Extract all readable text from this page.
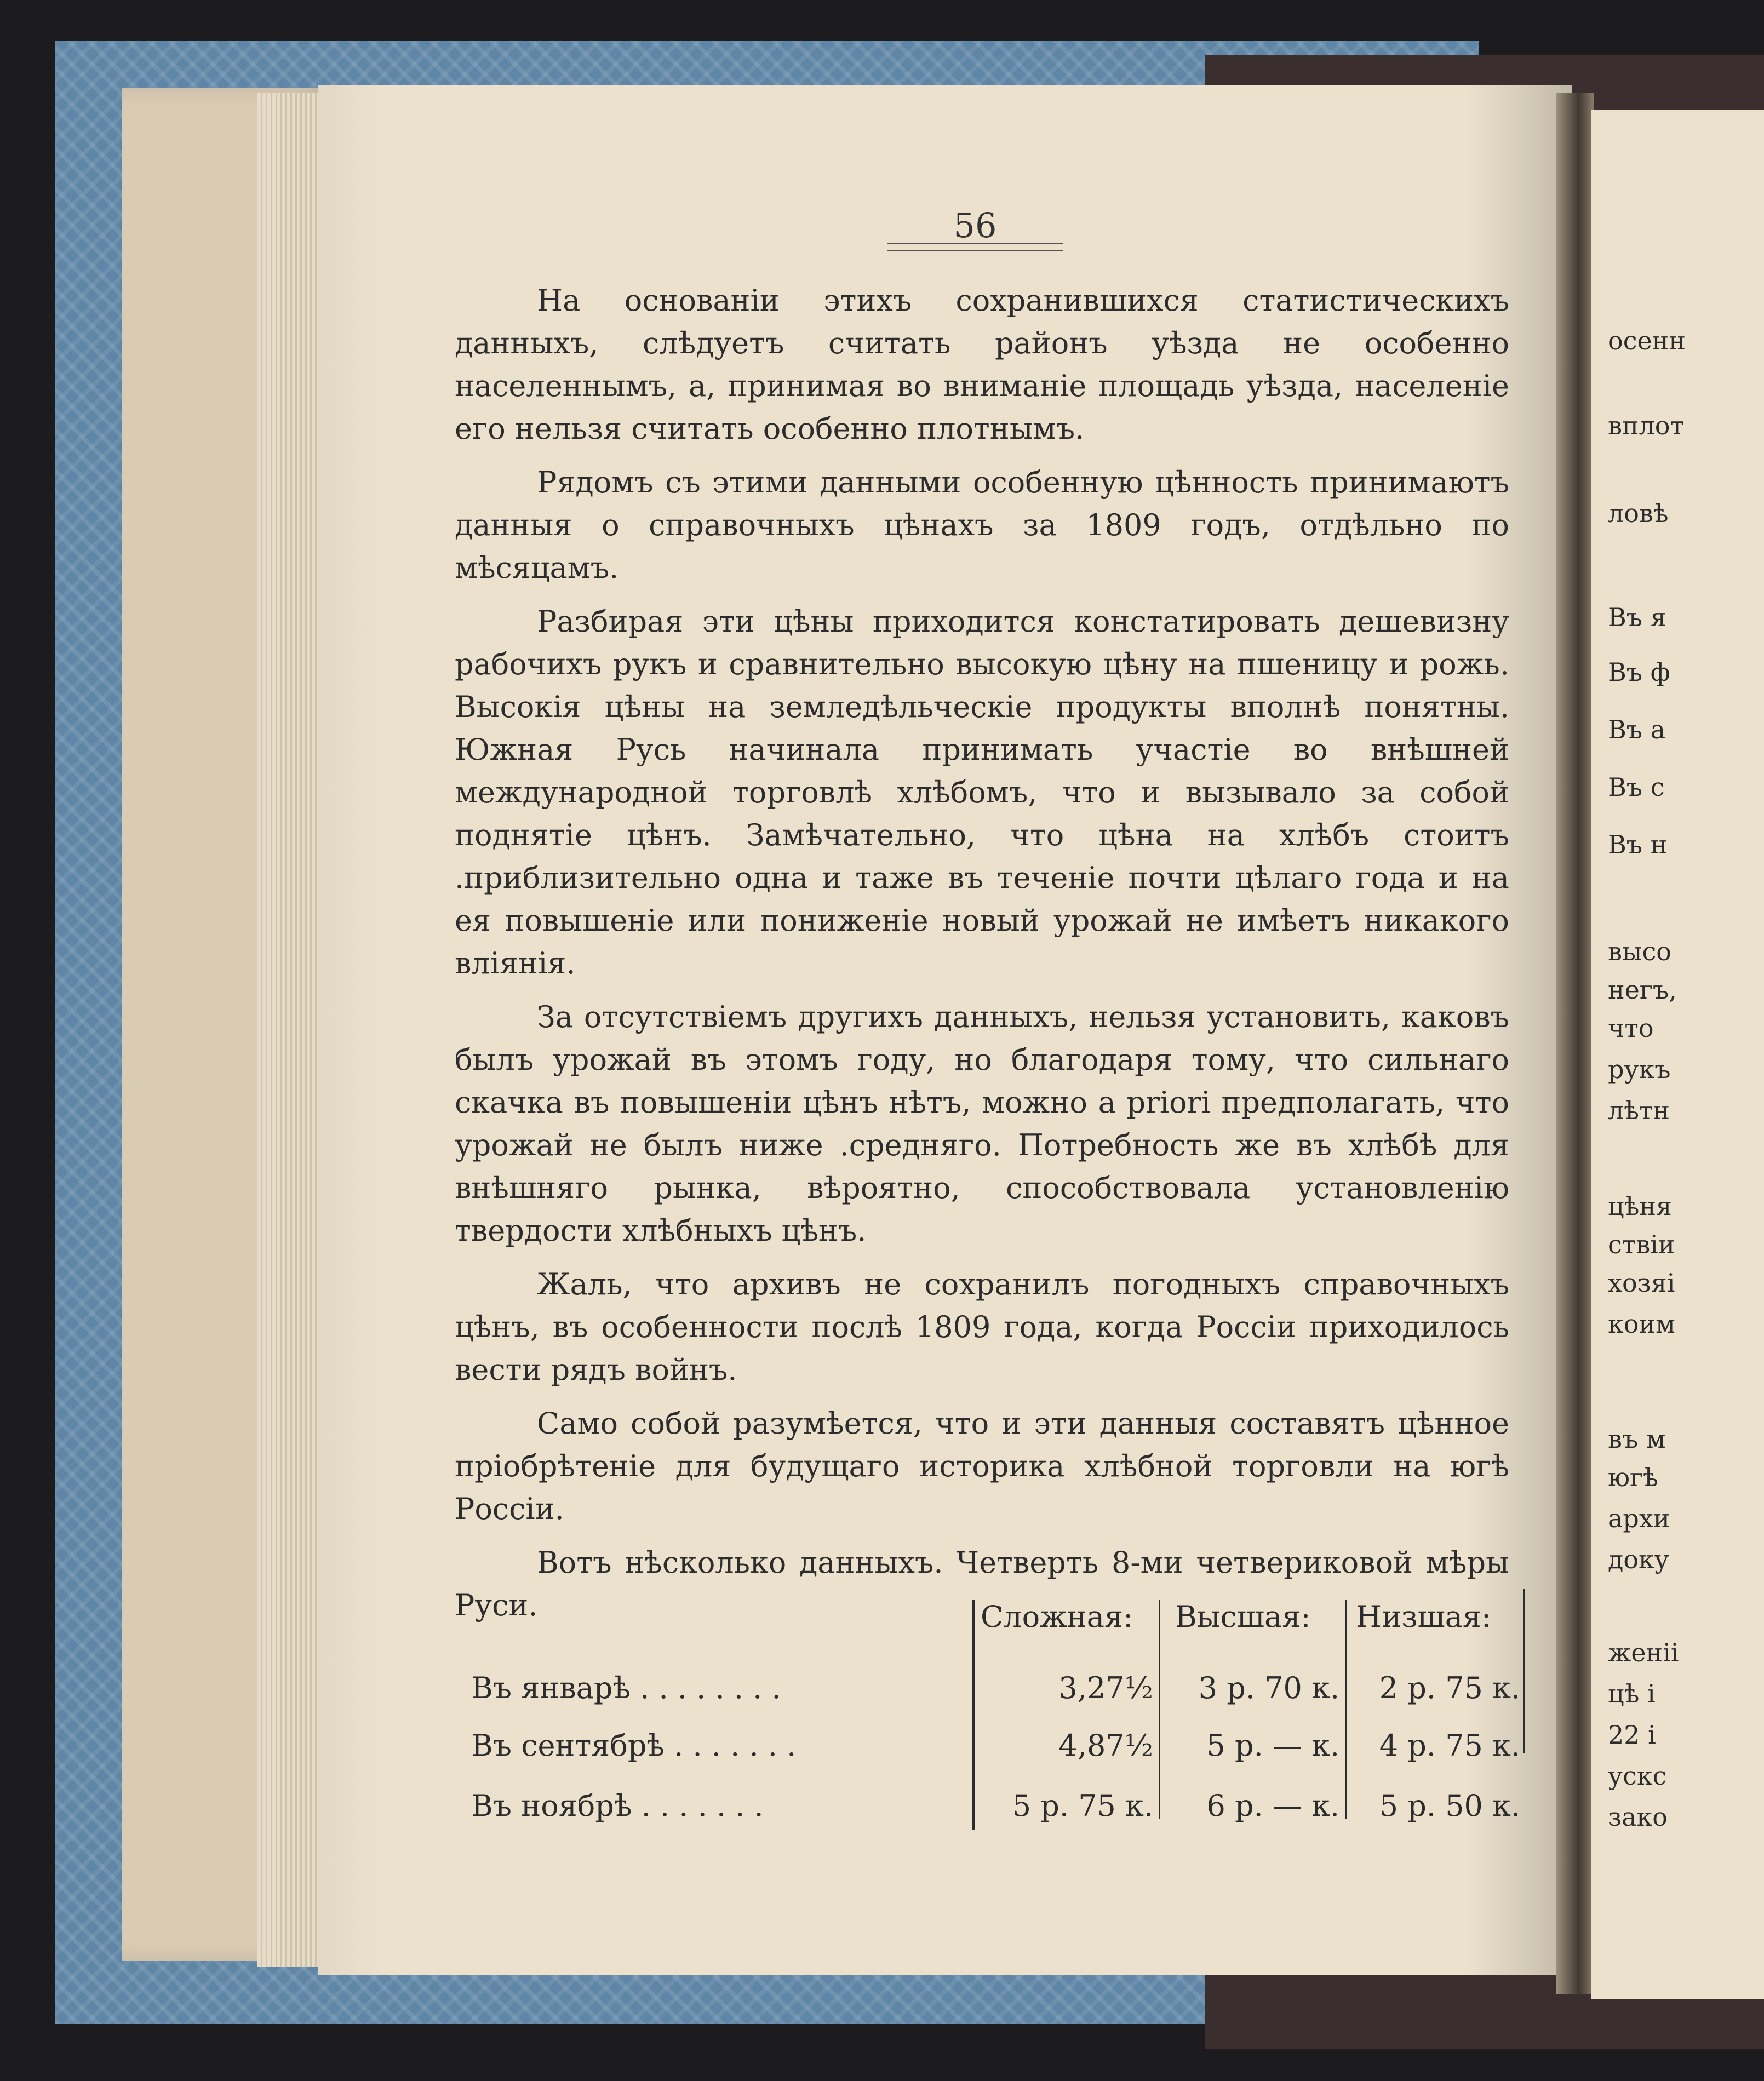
осенн
вплот
ловѣ
Въ я
Въ ф
Въ а
Въ с
Въ н
высо
негъ,
что
рукъ
лѣтн
цѣня
ствіи
хозяі
коим
въ м
югѣ
архи
доку
женіі
цѣ і
22 і
ускс
зако
56

На основаніи этихъ сохранившихся статистическихъ данныхъ, слѣдуетъ считать районъ уѣзда не особенно населеннымъ, а, принимая во вниманіе площадь уѣзда, населеніе его нельзя считать особенно плотнымъ.

Рядомъ съ этими данными особенную цѣнность принимаютъ данныя о справочныхъ цѣнахъ за 1809 годъ, отдѣльно по мѣсяцамъ.

Разбирая эти цѣны приходится констатировать дешевизну рабочихъ рукъ и сравнительно высокую цѣну на пшеницу и рожь. Высокія цѣны на земледѣльческіе продукты вполнѣ понятны. Южная Русь начинала принимать участіе во внѣшней международной торговлѣ хлѣбомъ, что и вызывало за собой поднятіе цѣнъ. Замѣчательно, что цѣна на хлѣбъ стоитъ .приблизительно одна и таже въ теченіе почти цѣлаго года и на ея повышеніе или пониженіе новый урожай не имѣетъ никакого вліянія.

За отсутствіемъ другихъ данныхъ, нельзя установить, каковъ былъ урожай въ этомъ году, но благодаря тому, что сильнаго скачка въ повышеніи цѣнъ нѣтъ, можно a priori предполагать, что урожай не былъ ниже .средняго. Потребность же въ хлѣбѣ для внѣшняго рынка, вѣроятно, способствовала установленію твердости хлѣбныхъ цѣнъ.

Жаль, что архивъ не сохранилъ погодныхъ справочныхъ цѣнъ, въ особенности послѣ 1809 года, когда Россіи приходилось вести рядъ войнъ.

Само собой разумѣется, что и эти данныя составятъ цѣнное пріобрѣтеніе для будущаго историка хлѣбной торговли на югѣ Россіи.

Вотъ нѣсколько данныхъ. Четверть 8-ми четвериковой мѣры Руси.	Сложная: Высшая: Низшая:
Въ январѣ . . . . . . . .	3,27½	3 р. 70 к.	2 р. 75 к.
Въ сентябрѣ . . . . . . .	4,87½	5 р. — к.	4 р. 75 к.
Въ ноябрѣ . . . . . . .	5 р. 75 к.	6 р. — к.	5 р. 50 к.
